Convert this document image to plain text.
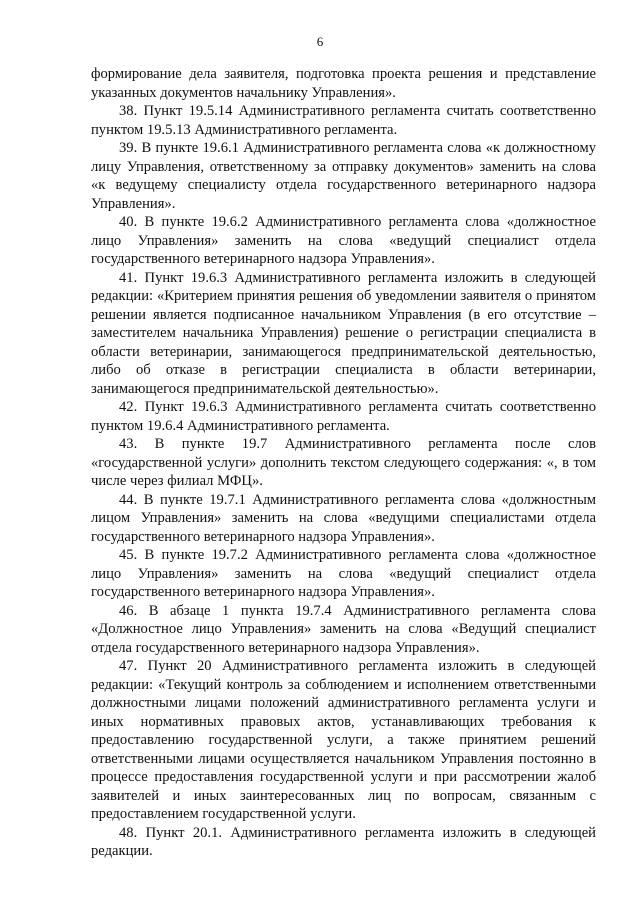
6

формирование дела заявителя, подготовка проекта решения и представление указанных документов начальнику Управления».

38. Пункт 19.5.14 Административного регламента считать соответственно пунктом 19.5.13 Административного регламента.

39. В пункте 19.6.1 Административного регламента слова «к должностному лицу Управления, ответственному за отправку документов» заменить на слова «к ведущему специалисту отдела государственного ветеринарного надзора Управления».

40. В пункте 19.6.2 Административного регламента слова «должностное лицо Управления» заменить на слова «ведущий специалист отдела государственного ветеринарного надзора Управления».

41. Пункт 19.6.3 Административного регламента изложить в следующей редакции: «Критерием принятия решения об уведомлении заявителя о принятом решении является подписанное начальником Управления (в его отсутствие – заместителем начальника Управления) решение о регистрации специалиста в области ветеринарии, занимающегося предпринимательской деятельностью, либо об отказе в регистрации специалиста в области ветеринарии, занимающегося предпринимательской деятельностью».

42. Пункт 19.6.3 Административного регламента считать соответственно пунктом 19.6.4 Административного регламента.

43. В пункте 19.7 Административного регламента после слов «государственной услуги» дополнить текстом следующего содержания: «, в том числе через филиал МФЦ».

44. В пункте 19.7.1 Административного регламента слова «должностным лицом Управления» заменить на слова «ведущими специалистами отдела государственного ветеринарного надзора Управления».

45. В пункте 19.7.2 Административного регламента слова «должностное лицо Управления» заменить на слова «ведущий специалист отдела государственного ветеринарного надзора Управления».

46. В абзаце 1 пункта 19.7.4 Административного регламента слова «Должностное лицо Управления» заменить на слова «Ведущий специалист отдела государственного ветеринарного надзора Управления».

47. Пункт 20 Административного регламента изложить в следующей редакции: «Текущий контроль за соблюдением и исполнением ответственными должностными лицами положений административного регламента услуги и иных нормативных правовых актов, устанавливающих требования к предоставлению государственной услуги, а также принятием решений ответственными лицами осуществляется начальником Управления постоянно в процессе предоставления государственной услуги и при рассмотрении жалоб заявителей и иных заинтересованных лиц по вопросам, связанным с предоставлением государственной услуги.

48. Пункт 20.1. Административного регламента изложить в следующей редакции.
